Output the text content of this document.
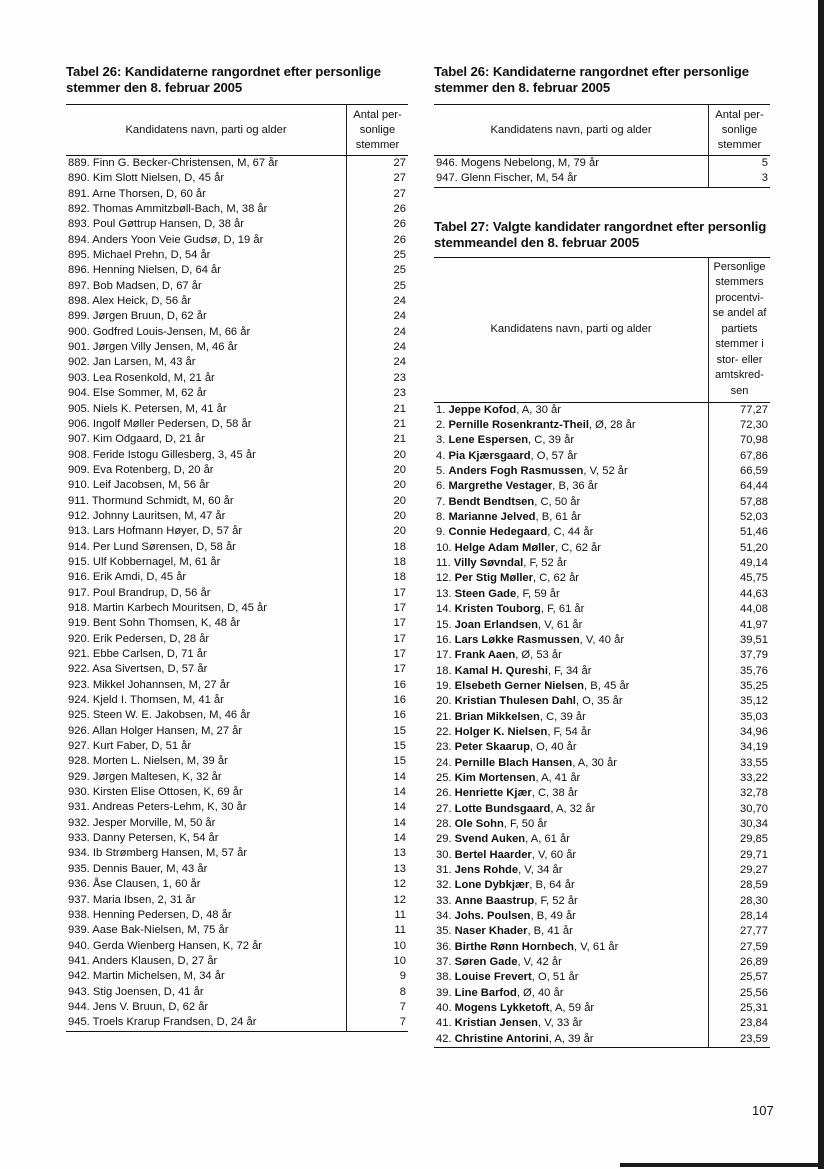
Tabel 26: Kandidaterne rangordnet efter personlige stemmer den 8. februar 2005
Kandidatens navn, parti og alder	Antal per- sonlige stemmer
889. Finn G. Becker-Christensen, M, 67 år	27
890. Kim Slott Nielsen, D, 45 år	27
891. Arne Thorsen, D, 60 år	27
892. Thomas Ammitzbøll-Bach, M, 38 år	26
893. Poul Gøttrup Hansen, D, 38 år	26
894. Anders Yoon Veie Gudsø, D, 19 år	26
895. Michael Prehn, D, 54 år	25
896. Henning Nielsen, D, 64 år	25
897. Bob Madsen, D, 67 år	25
898. Alex Heick, D, 56 år	24
899. Jørgen Bruun, D, 62 år	24
900. Godfred Louis-Jensen, M, 66 år	24
901. Jørgen Villy Jensen, M, 46 år	24
902. Jan Larsen, M, 43 år	24
903. Lea Rosenkold, M, 21 år	23
904. Else Sommer, M, 62 år	23
905. Niels K. Petersen, M, 41 år	21
906. Ingolf Møller Pedersen, D, 58 år	21
907. Kim Odgaard, D, 21 år	21
908. Feride Istogu Gillesberg, 3, 45 år	20
909. Eva Rotenberg, D, 20 år	20
910. Leif Jacobsen, M, 56 år	20
911. Thormund Schmidt, M, 60 år	20
912. Johnny Lauritsen, M, 47 år	20
913. Lars Hofmann Høyer, D, 57 år	20
914. Per Lund Sørensen, D, 58 år	18
915. Ulf Kobbernagel, M, 61 år	18
916. Erik Amdi, D, 45 år	18
917. Poul Brandrup, D, 56 år	17
918. Martin Karbech Mouritsen, D, 45 år	17
919. Bent Sohn Thomsen, K, 48 år	17
920. Erik Pedersen, D, 28 år	17
921. Ebbe Carlsen, D, 71 år	17
922. Asa Sivertsen, D, 57 år	17
923. Mikkel Johannsen, M, 27 år	16
924. Kjeld I. Thomsen, M, 41 år	16
925. Steen W. E. Jakobsen, M, 46 år	16
926. Allan Holger Hansen, M, 27 år	15
927. Kurt Faber, D, 51 år	15
928. Morten L. Nielsen, M, 39 år	15
929. Jørgen Maltesen, K, 32 år	14
930. Kirsten Elise Ottosen, K, 69 år	14
931. Andreas Peters-Lehm, K, 30 år	14
932. Jesper Morville, M, 50 år	14
933. Danny Petersen, K, 54 år	14
934. Ib Strømberg Hansen, M, 57 år	13
935. Dennis Bauer, M, 43 år	13
936. Åse Clausen, 1, 60 år	12
937. Maria Ibsen, 2, 31 år	12
938. Henning Pedersen, D, 48 år	11
939. Aase Bak-Nielsen, M, 75 år	11
940. Gerda Wienberg Hansen, K, 72 år	10
941. Anders Klausen, D, 27 år	10
942. Martin Michelsen, M, 34 år	9
943. Stig Joensen, D, 41 år	8
944. Jens V. Bruun, D, 62 år	7
945. Troels Krarup Frandsen, D, 24 år	7
Tabel 26: Kandidaterne rangordnet efter personlige stemmer den 8. februar 2005
Kandidatens navn, parti og alder	Antal per- sonlige stemmer
946. Mogens Nebelong, M, 79 år	5
947. Glenn Fischer, M, 54 år	3
Tabel 27: Valgte kandidater rangordnet efter personlig stemmeandel den 8. februar 2005
Kandidatens navn, parti og alder	Personlige stemmers procentvi- se andel af partiets stemmer i stor- eller amtskred- sen
1. Jeppe Kofod, A, 30 år	77,27
2. Pernille Rosenkrantz-Theil, Ø, 28 år	72,30
3. Lene Espersen, C, 39 år	70,98
4. Pia Kjærsgaard, O, 57 år	67,86
5. Anders Fogh Rasmussen, V, 52 år	66,59
6. Margrethe Vestager, B, 36 år	64,44
7. Bendt Bendtsen, C, 50 år	57,88
8. Marianne Jelved, B, 61 år	52,03
9. Connie Hedegaard, C, 44 år	51,46
10. Helge Adam Møller, C, 62 år	51,20
11. Villy Søvndal, F, 52 år	49,14
12. Per Stig Møller, C, 62 år	45,75
13. Steen Gade, F, 59 år	44,63
14. Kristen Touborg, F, 61 år	44,08
15. Joan Erlandsen, V, 61 år	41,97
16. Lars Løkke Rasmussen, V, 40 år	39,51
17. Frank Aaen, Ø, 53 år	37,79
18. Kamal H. Qureshi, F, 34 år	35,76
19. Elsebeth Gerner Nielsen, B, 45 år	35,25
20. Kristian Thulesen Dahl, O, 35 år	35,12
21. Brian Mikkelsen, C, 39 år	35,03
22. Holger K. Nielsen, F, 54 år	34,96
23. Peter Skaarup, O, 40 år	34,19
24. Pernille Blach Hansen, A, 30 år	33,55
25. Kim Mortensen, A, 41 år	33,22
26. Henriette Kjær, C, 38 år	32,78
27. Lotte Bundsgaard, A, 32 år	30,70
28. Ole Sohn, F, 50 år	30,34
29. Svend Auken, A, 61 år	29,85
30. Bertel Haarder, V, 60 år	29,71
31. Jens Rohde, V, 34 år	29,27
32. Lone Dybkjær, B, 64 år	28,59
33. Anne Baastrup, F, 52 år	28,30
34. Johs. Poulsen, B, 49 år	28,14
35. Naser Khader, B, 41 år	27,77
36. Birthe Rønn Hornbech, V, 61 år	27,59
37. Søren Gade, V, 42 år	26,89
38. Louise Frevert, O, 51 år	25,57
39. Line Barfod, Ø, 40 år	25,56
40. Mogens Lykketoft, A, 59 år	25,31
41. Kristian Jensen, V, 33 år	23,84
42. Christine Antorini, A, 39 år	23,59
107
